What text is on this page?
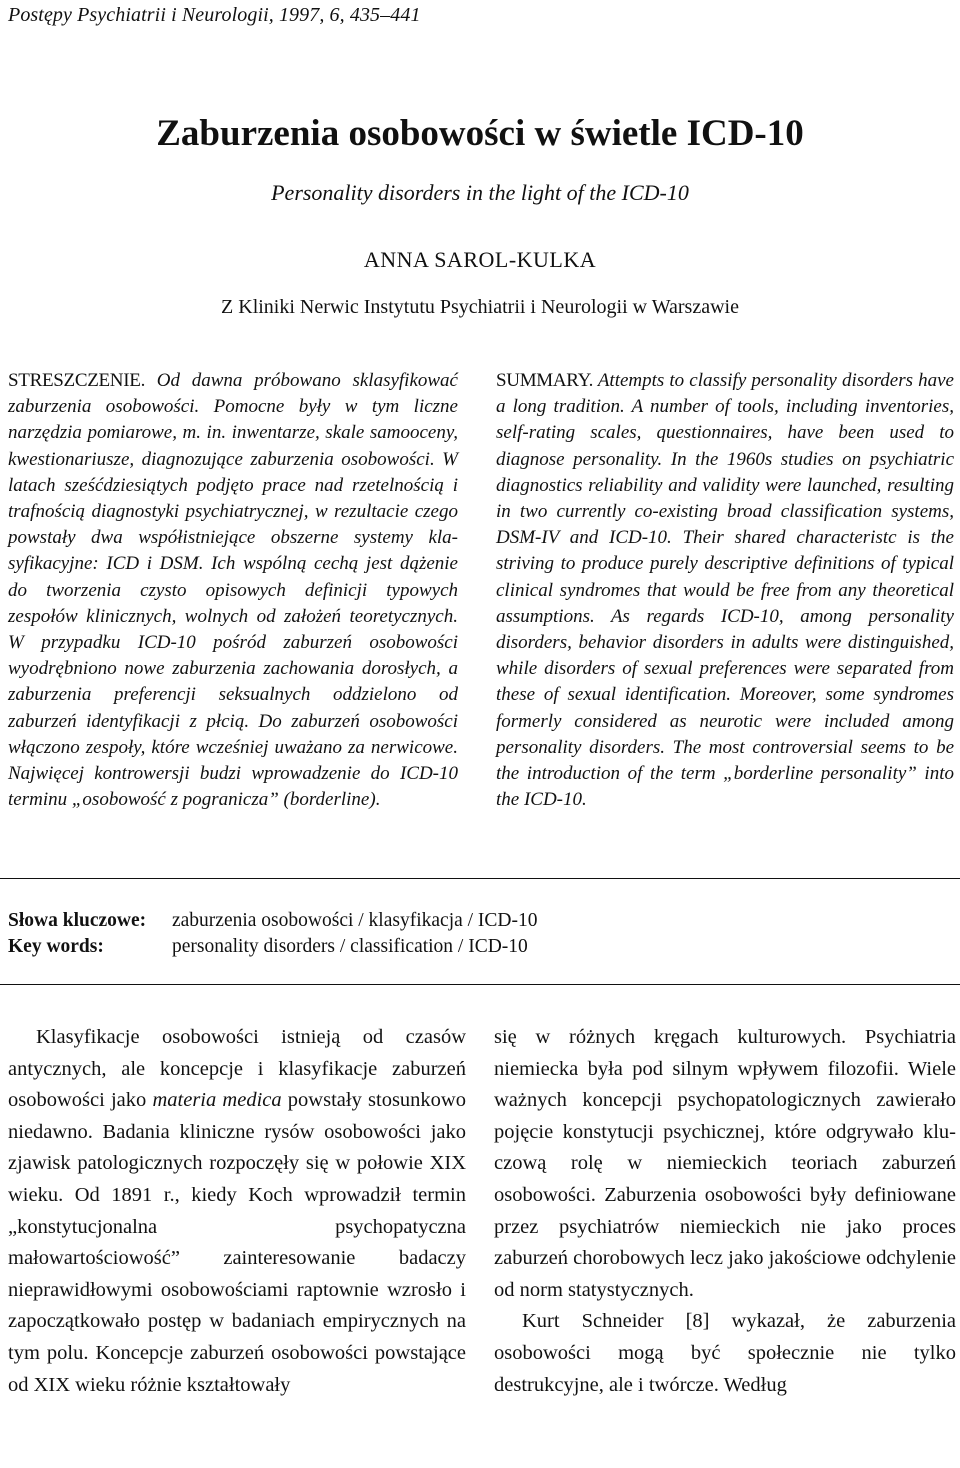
Postępy Psychiatrii i Neurologii, 1997, 6, 435–441
Zaburzenia osobowości w świetle ICD-10
Personality disorders in the light of the ICD-10
ANNA SAROL-KULKA
Z Kliniki Nerwic Instytutu Psychiatrii i Neurologii w Warszawie
STRESZCZENIE. Od dawna próbowano sklasyfikować zaburzenia osobowości. Pomocne były w tym liczne narzędzia pomiarowe, m. in. inwentarze, skale samooceny, kwestionariusze, diagnozujące zaburzenia osobowości. W latach sześćdziesiątych podjęto prace nad rzetelnością i trafnością diagnostyki psychiatrycznej, w rezultacie czego powstały dwa współistniejące obszerne systemy klasyfikacyjne: ICD i DSM. Ich wspólną cechą jest dążenie do tworzenia czysto opisowych definicji typowych zespołów klinicznych, wolnych od założeń teoretycznych. W przypadku ICD-10 pośród zaburzeń osobowości wyodrębniono nowe zaburzenia zachowania dorosłych, a zaburzenia preferencji seksualnych oddzielono od zaburzeń identyfikacji z płcią. Do zaburzeń osobowości włączono zespoły, które wcześniej uważano za nerwicowe. Najwięcej kontrowersji budzi wprowadzenie do ICD-10 terminu „osobowość z pogranicza” (borderline).
SUMMARY. Attempts to classify personality disorders have a long tradition. A number of tools, including inventories, self-rating scales, questionnaires, have been used to diagnose personality. In the 1960s studies on psychiatric diagnostics reliability and validity were launched, resulting in two currently co-existing broad classification systems, DSM-IV and ICD-10. Their shared characteristc is the striving to produce purely descriptive definitions of typical clinical syndromes that would be free from any theoretical assumptions. As regards ICD-10, among personality disorders, behavior disorders in adults were distinguished, while disorders of sexual preferences were separated from these of sexual identification. Moreover, some syndromes formerly considered as neurotic were included among personality disorders. The most controversial seems to be the introduction of the term „borderline personality” into the ICD-10.
Słowa kluczowe: zaburzenia osobowości / klasyfikacja / ICD-10
Key words:	personality disorders / classification / ICD-10

Klasyfikacje osobowości istnieją od czasów antycznych, ale koncepcje i klasyfikacje zaburzeń osobowości jako materia medica powstały stosunkowo niedawno. Badania kliniczne rysów osobowości jako zjawisk patologicznych rozpoczęły się w połowie XIX wieku. Od 1891 r., kiedy Koch wprowadził termin „konstytucjonalna psychopatyczna małowartościowość” zainteresowanie badaczy nieprawidłowymi osobowościami raptownie wzrosło i zapoczątkowało postęp w badaniach empirycznych na tym polu. Koncepcje zaburzeń osobowości powstające od XIX wieku różnie kształtowały

się w różnych kręgach kulturowych. Psychiatria niemiecka była pod silnym wpływem filozofii. Wiele ważnych koncepcji psychopatologicznych zawierało pojęcie konstytucji psychicznej, które odgrywało kluczową rolę w niemieckich teoriach zaburzeń osobowości. Zaburzenia osobowości były definiowane przez psychiatrów niemieckich nie jako proces zaburzeń chorobowych lecz jako jakościowe odchylenie od norm statystycznych.

Kurt Schneider [8] wykazał, że zaburzenia osobowości mogą być społecznie nie tylko destrukcyjne, ale i twórcze. Według
